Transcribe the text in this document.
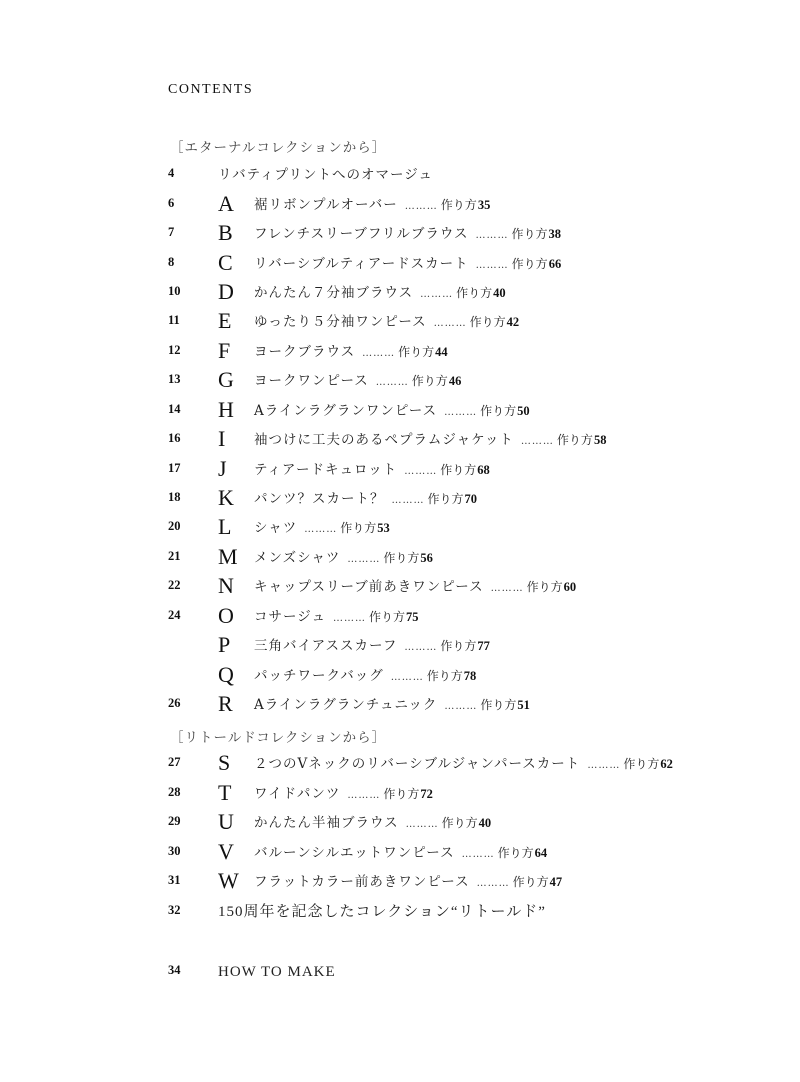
CONTENTS
［エターナルコレクションから］
［リトールドコレクションから］
4	リバティプリントへのオマージュ
6 A	裾リボンプルオーバー ……… 作り方35
7 B	フレンチスリーブフリルブラウス ……… 作り方38
8 C	リバーシブルティアードスカート ……… 作り方66
10 D	かんたん７分袖ブラウス ……… 作り方40
11 E	ゆったり５分袖ワンピース ……… 作り方42
12 F	ヨークブラウス ……… 作り方44
13 G	ヨークワンピース ……… 作り方46
14 H	Aラインラグランワンピース ……… 作り方50
16 I	袖つけに工夫のあるペプラムジャケット ……… 作り方58
17 J	ティアードキュロット ……… 作り方68
18 K	パンツ？スカート？ ……… 作り方70
20 L	シャツ ……… 作り方53
21 M メンズシャツ ……… 作り方56
22 N	キャップスリーブ前あきワンピース ……… 作り方60
24 O	コサージュ ……… 作り方75
P	三角バイアススカーフ ……… 作り方77
Q	パッチワークバッグ ……… 作り方78
26 R	Aラインラグランチュニック ……… 作り方51
27 S	２つのVネックのリバーシブルジャンパースカート ……… 作り方62
28 T	ワイドパンツ ……… 作り方72
29 U	かんたん半袖ブラウス ……… 作り方40
30 V	バルーンシルエットワンピース ……… 作り方64
31 W フラットカラー前あきワンピース ……… 作り方47
32	150周年を記念したコレクション“リトールド”
34	HOW TO MAKE
